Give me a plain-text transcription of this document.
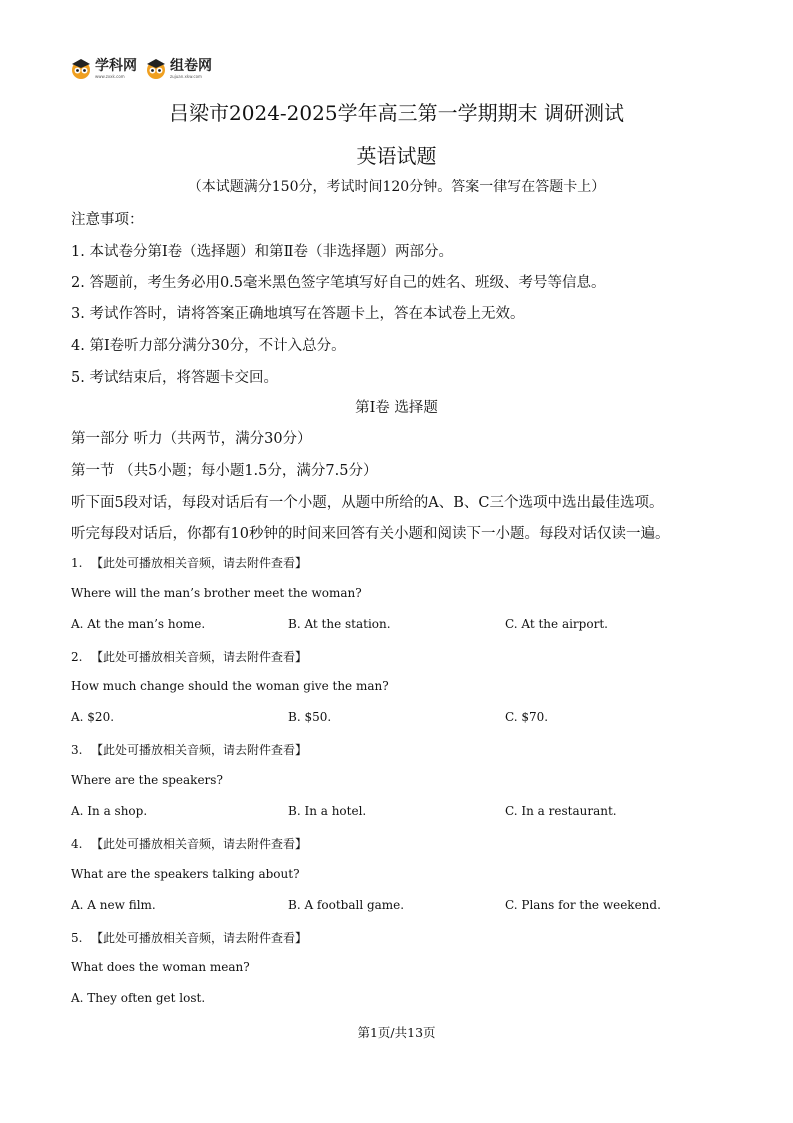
学科网
www.zxxk.com
组卷网
zujuan.xkw.com
吕梁市2024-2025学年高三第一学期期末 调研测试
英语试题
（本试题满分150分，考试时间120分钟。答案一律写在答题卡上）
注意事项：
1. 本试卷分第Ⅰ卷（选择题）和第Ⅱ卷（非选择题）两部分。
2. 答题前，考生务必用0.5毫米黑色签字笔填写好自己的姓名、班级、考号等信息。
3. 考试作答时，请将答案正确地填写在答题卡上，答在本试卷上无效。
4. 第Ⅰ卷听力部分满分30分，不计入总分。
5. 考试结束后，将答题卡交回。
第Ⅰ卷 选择题
第一部分 听力（共两节，满分30分）
第一节 （共5小题；每小题1.5分，满分7.5分）
听下面5段对话，每段对话后有一个小题，从题中所给的A、B、C三个选项中选出最佳选项。
听完每段对话后，你都有10秒钟的时间来回答有关小题和阅读下一小题。每段对话仅读一遍。
1. 【此处可播放相关音频，请去附件查看】
Where will the man’s brother meet the woman?
A. At the man’s home.	B. At the station.	C. At the airport.
2. 【此处可播放相关音频，请去附件查看】
How much change should the woman give the man?
A. $20.	B. $50.	C. $70.
3. 【此处可播放相关音频，请去附件查看】
Where are the speakers?
A. In a shop.	B. In a hotel.	C. In a restaurant.
4. 【此处可播放相关音频，请去附件查看】
What are the speakers talking about?
A. A new film.	B. A football game.	C. Plans for the weekend.
5. 【此处可播放相关音频，请去附件查看】
What does the woman mean?
A. They often get lost.
第1页/共13页
